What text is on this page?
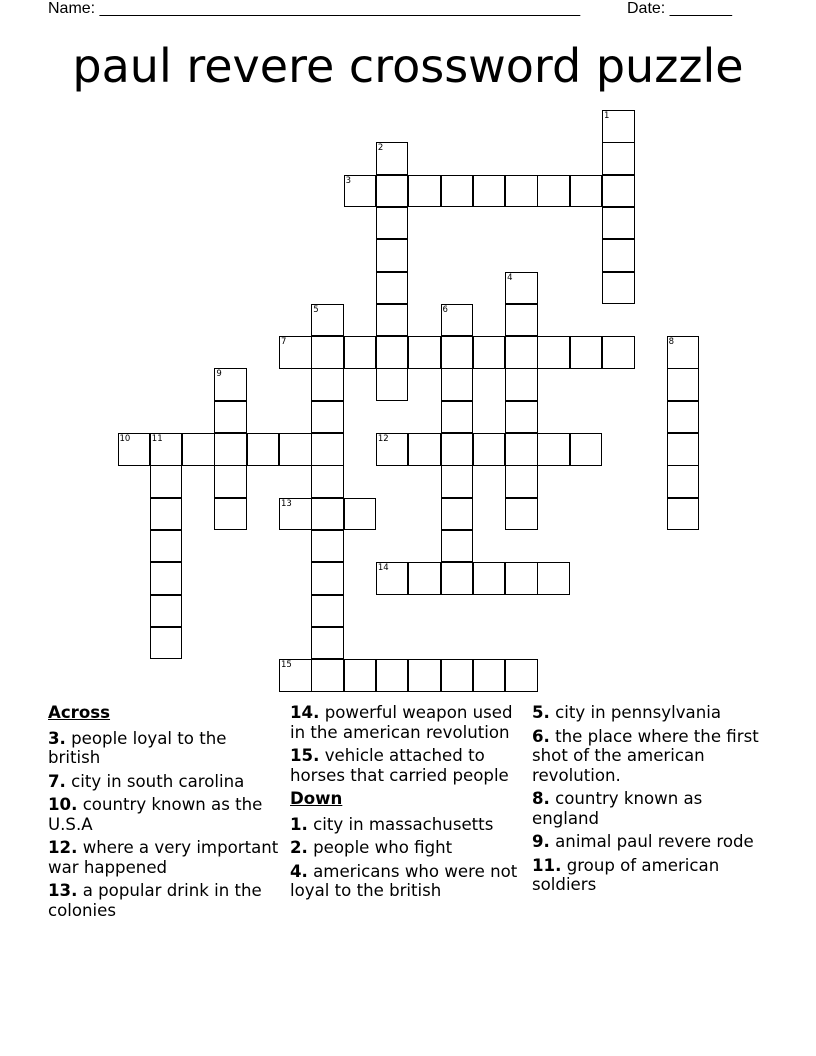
Name: ______________________________________________________	Date: _______
paul revere crossword puzzle
1
2
3
4
5	6
7	8
9
10	11	12
13
14
15

Across

3. people loyal to the british

7. city in south carolina

10. country known as the U.S.A

12. where a very important war happened

13. a popular drink in the colonies

14. powerful weapon used in the american revolution

15. vehicle attached to horses that carried people

Down

1. city in massachusetts

2. people who fight

4. americans who were not loyal to the british

5. city in pennsylvania

6. the place where the first shot of the american revolution.

8. country known as england

9. animal paul revere rode

11. group of american soldiers
